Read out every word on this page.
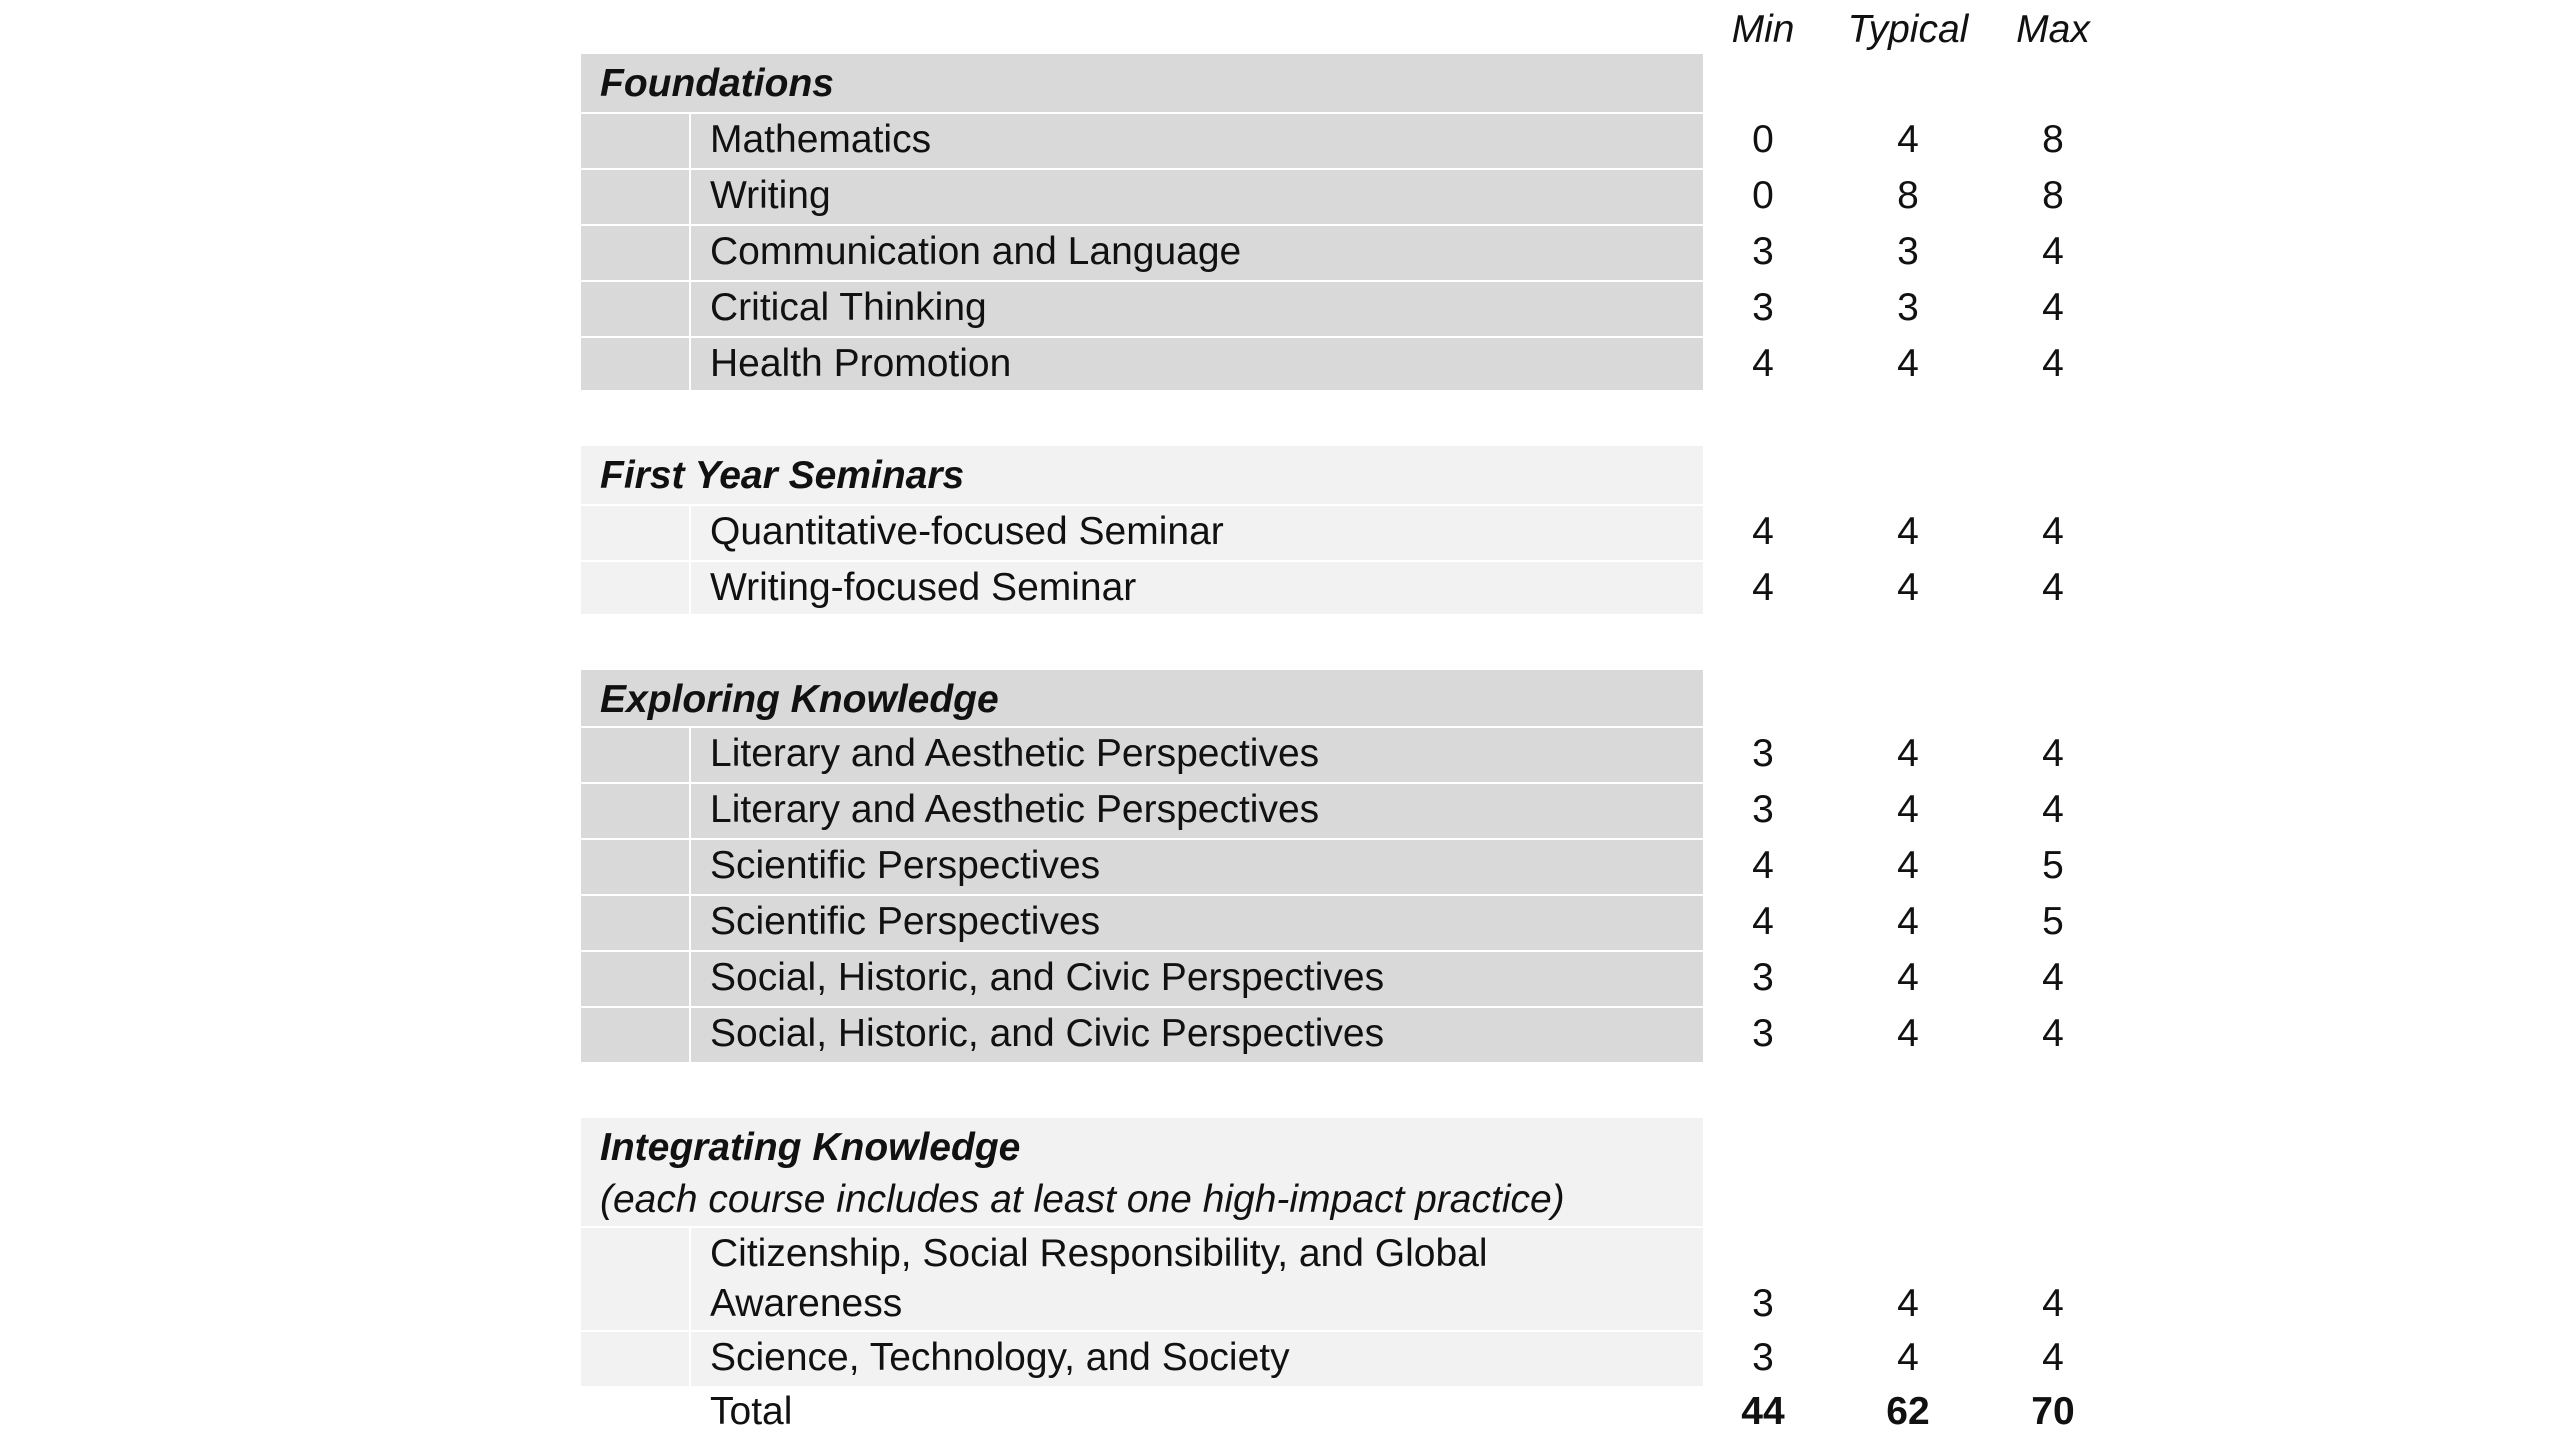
Min	Typical	Max
Foundations
Mathematics	0	4	8
Writing	0	8	8
Communication and Language	3	3	4
Critical Thinking	3	3	4
Health Promotion	4	4	4
First Year Seminars
Quantitative-focused Seminar	4	4	4
Writing-focused Seminar	4	4	4
Exploring Knowledge
Literary and Aesthetic Perspectives	3	4	4
Literary and Aesthetic Perspectives	3	4	4
Scientific Perspectives	4	4	5
Scientific Perspectives	4	4	5
Social, Historic, and Civic Perspectives	3	4	4
Social, Historic, and Civic Perspectives	3	4	4
Integrating Knowledge
(each course includes at least one high-impact practice)
Citizenship, Social Responsibility, and Global
Awareness	3	4	4
Science, Technology, and Society	3	4	4
Total	44	62	70
